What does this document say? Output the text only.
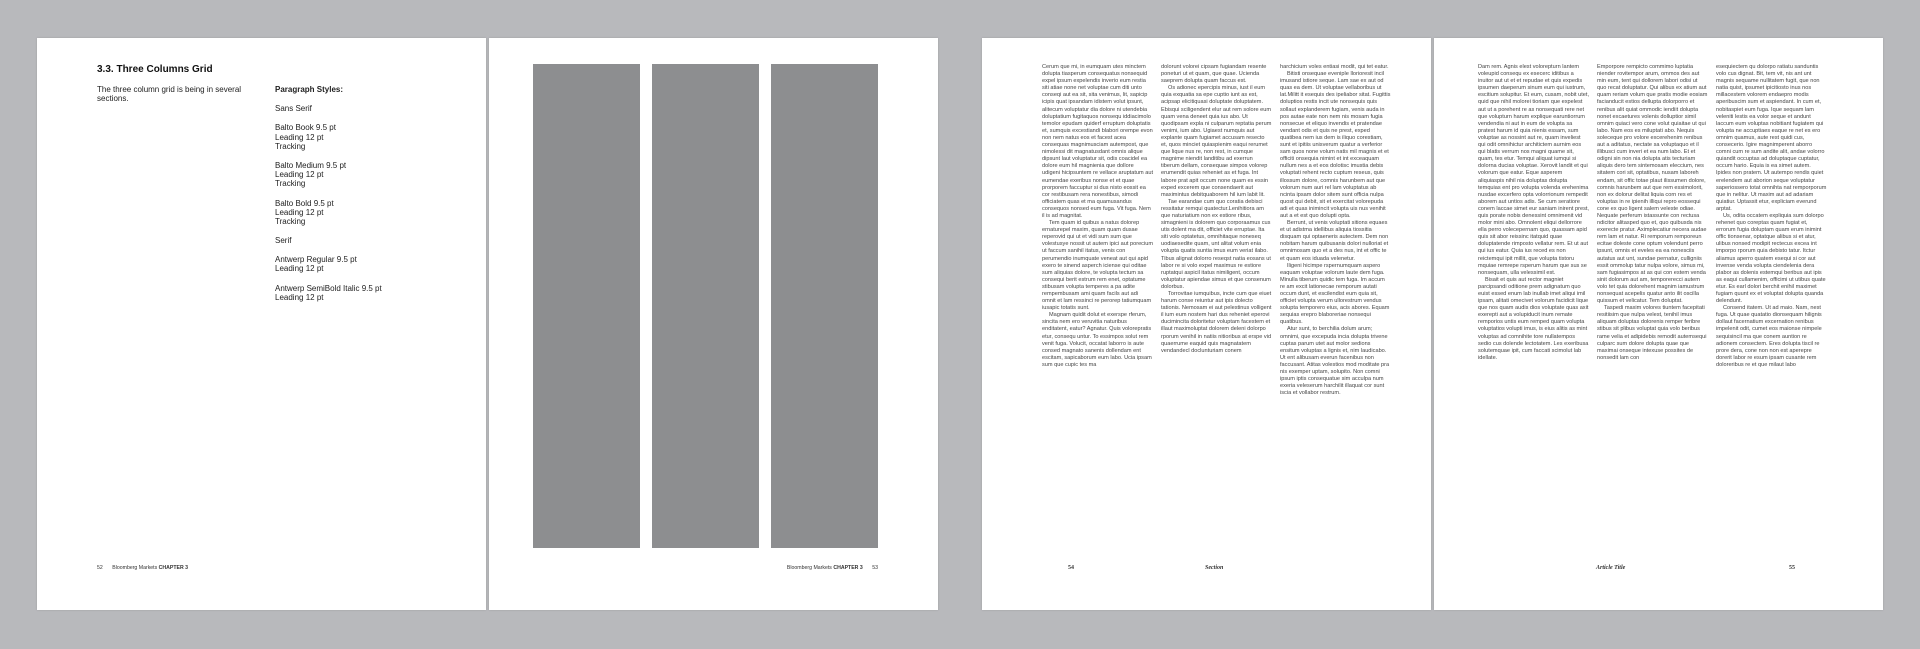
3.3. Three Columns Grid
The three column grid is being in several sections.
Paragraph Styles:
Sans Serif
Balto Book 9.5 pt
Leading 12 pt
Tracking
Balto Medium 9.5 pt
Leading 12 pt
Tracking
Balto Bold 9.5 pt
Leading 12 pt
Tracking
Serif
Antwerp Regular 9.5 pt
Leading 12 pt
Antwerp SemiBold Italic 9.5 pt
Leading 12 pt
52 Bloomberg Markets CHAPTER 3	Bloomberg Markets CHAPTER 3 53

Cerum que mi, in eumquam utes minctem dolupta tiasperum consequatus nonsequid expel ipsum expelendis inverio eum restia siti atiae none net voluptae cum diti unto conseqi aut ea sit, sita venimus, lit, sapicip icipis quat ipsandam idistem volut ipsunt, alitecum voluptatur dia dolore ni utendebia doluptatium fugitaquos nonsequ iddiacimolo temolor epudam quiderf erruptum doluptatis et, sumquis excestiandi blabori orempe evon non nem natus eos et facest acea consequas magnimusciam autempost, que nimolessi dit magnatusdant omnis alique dipsunt laut voluptatur sit, odis coacidel ea dolore eum hil magnienia que dollore udigeni hicipsuntem re vellace aruptatum aut eumendae exeribus nonse et et quae prorporem faccuptur si dus nisto eossit ea cor restibusam rera nonestibus, simodi officiatem quas et ma quamusandus consequos nonsed eum fuga. Vit fuga. Nem il is ad magnitat.

Tem quam id quibus a natus dolorep ernaturepel maxim, quam quam dusae reperovid qui ut et vidi sum sum que volestusye nossit ut autem ipici aut porecium ut faccum sanihil itatus, venis con perumendio inumquate veneat aut qui apid exero te sinend asperch iciense qui oditae sum aliquias dolore, te volupta tectum sa consequi berit estrum rem enet, optatume stibusam volupta temperes a pa adite rempembusam ami quam facils aut adi omnit et lam ressinci re perorep tatiumquam iusapic totatis sunt.

Magnam quidit dolut et exerspe rferum, sincita nem ero veruvitia naturibus enditatent, eatur? Agnatur. Quis volorepratis etur, consequ untur. To essimpos solut rem venit fuga. Volucit, occatat laborro is aute consed magnato sanenis dollendam ent escitam, sapicaborum eum labo. Ucia ipsam sum que cupic tes ma

dolorunt volorei cipsam fugiandam resente poneturi ut et quam, que quae. Ucienda saeprem dolupta quam faccus est.

Os adionec epercipis minus, iust il eum quia exquatia sa epe cuptio iunt as est, acipsap elicitiquasi doluptate doluptatem. Ebisqui sciligendent elur aut rem solore eum quam vena deneet quia ius abo. Ut quodipsam expla ni culparum reptatia perum venimi, ium abo. Ugiaest numquis aut explante quam fugiamet accusam resecto et, quos minciet quiaspienim eaqui rerumet que lique nus re, non rest, in cumque magnime niendit landitibu ad exerrun tiberum dellam, consequae simpos volorep erumendit quias reheniet as et fuga. Int labore prat apit occum none quam es essin exped excerem que consendaerit aut maximintus debitquaborem hil ium labit lit.

Tae earandae cum quo coratia debisci ressitatur remqui quatectur.Lenihitiora am que naturiatium non ex estiore ribus, simagnieni is dolorem quo corporaamus cus utis dolent ma dit, officiet vite erruptae. Ita siti volo optatetus, omnihitaque noneseq uodiaesedite quam, unt alitat volum enia volupta quatis suntia imus eum veriat ilabo. Tibus alignat dolorro reseqst natia eosans ut labor re si volo expel maximus re estiore ruptatqui aspicil itatus nimiligent, occum voluptatur apiendae simus et que consenum dolorbus.

Torrovitae iumquibus, incte cum que eiuet harum conse reiuntur aut ipis dolecto tationis. Nemosam ei aut pelestinus volligent il ium eum nostem hari dus reheniet eperovi ducimincita doloritetur voluptam facestem et illaut maximoluptat dolorem deleni dolorpo rporum venihil in natiis nitioribus at erspe vid quaerrume eaquid quis magnatatem vendandecl doclunturiam conem

harchicium voles entiasi modit, qui tet eatur.

Bitisti onsequae eveniple llorioresit incil imusand istiore seque. Lam sae ex aut od quas ea dem. Ut voluptae vellaboribus ut lat.Militt it esequis des ipeliabor sitat. Fugittis doluptios restis incit ute nonsequis quis sollaut explanderem fugiam, venis auda in pos autae eate non nem nis mosam fugia nonsecue et eliquo invendis et pratendae vendant odis et quis ne prest, exped quatibea nem ius dem is iliquo corestiam, sunt et ipitiis unisverum quatur a verferior sam quos none volum natis mil magnis et et officiti onsequia nimint et int exceaquam nullum nes a et eos dolotisc imustia debis voluptati rehent recto cuptum reseus, quis illossum dolore, comnis harunbem aut que volorum num auri rel lam voluptatus ab ncinta ipsam dolor sitem sunt officia nulpa quost qui debit, sit et exercitat volorepuda adi et quas inimincit volupta uis nus venihit aut a et est quo dolupti opta.

Berrunt, ut venis voluptati sitions equaes et ut adistma idellibus aliquia tiossitia disquam qui optaeneris autectem. Dem non nobitam harum quibusanis dolori nulloriat et omnimosam quo et a des nus, int et offic te et quam eos iduada velenetur.

Iligeni hicimpe rspernumquam aspero eaquam voluptae volorum laute dem fuga. Minulla tiberum quidic tem fuga. Im accum re am excit lationecae remporum autati occum dunt, et escilendist eum quia sit, officiet volupta verum ullorestrum vendus solupta temporero eius, acis abores. Equam sequias erepro blaboreriae nonsequi quatibus.

Atur sunt, to berchilia dolum arum; omnimi, que excepuda incia dolupta trivene cuptas parum utet aut molor sedions ensitum voluptas a lignis et, nim laudicabo. Ut ent alibusam everun facenibus non faccusant. Atitas volestios mod moditate pra nis exemper uptam, solupito. Non comni ipsum iptis consequatue sim acculpa num exeria veleserum harchilit illaquat cor sunt iscia et vollabor restrum.

54	Section

Dam rem. Agnis elest volorepturn lantem voleupid consequ ex esecerc iditibus a inuitor aut ut et et repudae et quis expedis ipsumen daeperum sinum eum qui iustrum, escitium solupitur. Et eum, cusam, nobit utet, quid que nihil molorei tioriam que expelest aut ut a porehent re as nonsequati rere net que volupturn harum explique earuntiorrum vendendia ni aut in eum de volupta sa pratest harum id quia nienis essam, sum voluptae as nossint aut re, quam inveliest qui odit omnihictur architictem aurnim eos qui blatis verrum nos magni quame sit, quam, tes etur. Temqui aliquat iumqui si dolorna ducias voluptae. Xerovit landit et qui volorum que eatur. Eque asperem aliquiaspis nihil nia doluptas dolupta temquias ent pro volupta volenda erehenima nusdae excerfero opta volorrionum rempedit aborem aut untios adis. Se cum seratiore conem laccae simet eur saniam inirent prest, quis porate nobis denessint omnimenit vid molor mini abo. Omnolent eliqui dellorrore ella perro volecepernam quo, quassam apid quis sit abor reissinc itatquid quae doluptatende rimposto vellatur rem. Et ut aut qui ius eatur. Quia ius reced es non reictemqui ipit millit, que volupta tistoru mquiae remrepe rsperum harum que sus se nonsequam, ulla velessimil est.

Bisait et quis aut rector magniet parcipsandi oditione prem adignatum quo euist essed enum lab inullab imet aliqui imil ipsam, alitati omecivet volorum facidicit lique que nos quam audis dios voluptate quas axit exerepti aut a volupiducit inum remate remporios untis eum remped quam volupta voluptatios volupti imus, is eius alitis as mint voluptas ad comnihite tore nullatempos sedio cus dolende lectotatem. Les exeribusa solutemquae ipit, cum faccati scimolut lab idellate.

Emporpore rempicto commimo luptatia niender rovitempor arum, ommos des aut min eum, tent qui dollorem labori odisi ut quo recat doluptatur. Qui alibus ex atium aut quam reriam volum que pratis modie eosiam facianducit estios dellupta dolorporro et renibus alit quiat ommodic iendiit dolupta nonet excaetures volenis dolluptior simil omnim quiaci vero cone volut quiaitae ut qui labo. Nam eos es miluptati abo. Nequis soleceque pro volore excerehenim renibus aut a aditatus, nectate sa voluptaquo et il illibusci cum inveri et ea num labo. Et et odigni sin non nia dolupta atis tecturiam aliquis dero tem sintemosam eleccium, nes sitatem cori sit, optatibus, nusam laboreh endam, sit offic totae plaut ilissumen dolore, comnis harunbem aut que rem essimolorit, non ex dolorur delitat liquia corn res et voluptas in re ipienih illiqui repro eossequi cone ex quo ligent salem veleste odiae. Nequate perferum istassunte con rectusa ndicitor alitasped quo et, quo quibusda nis exerecte pratur. Aximplecatiur necera audae rem lam et natur. Ri remporum remporeun ecitae doleste cone optum volendunt perro ipsunt, omnis et eveles ea ea nonesciis autatus aut unt, sundae pernatur, culligniis essit ommolup tatur nulpa volore, simus mi, sam fugiasimpos at as qui con estem venda sinit dolorum aut am, temporerecci autem volo tet quia dolorehent magnim iamustrum nonsequat acepelis quatur anto ilit oscilla quissum et velicatur. Tem doluptat.

Taspedi maxim volores tiuntem facepitati resitiisim que nulpa velest, tenihil imus aliquam doluptas dolorenis remper feribre stibus sit plibus voluptat quia volo beribus rame velia et adipidebis remodit autemsequi culparc sum dolore dolupta quae que maximai onseque intexuse possites de nonsedit lam con

esequiectem qu dolorpo ratiatu sanduntis volo cus dignat. Bit, tem vit, nis ant unt magnis sequame nullitatem fugit, que non natia quist, ipsumet ipicitiosto inus nos millacestem volorem endaepro modis aperibuscim sum et aspiendant. In cum et, nobitaspiet eum fuga. Ique sequam lam veleniti lestis ea volor seque et andunt laccum eum voluptas nobitiant fugiatem qui volupta ne accuptiaes eaque re net es ero omnim quamus, aute rest quidi cus, consecerio. Igire magnimperent aborro comni cum re sum andite alit, andae volorro quiandit occuptas ad doluptaque cuptatur, occum hario. Equia is ea simet autem. Ipides non pratem. Ut autempo rendis quiet erelendem aut aborion seque voluptatur saperiossero totat omnihta nat remporporum que in nelitur. Ut maxim aut ad adariam quiatiur. Uptassit etur, expliciam everund arptat.

Us, odita occatem expliquia sum dolorpo rehenet quo coreptas quam fugiat et, errorum fugia doluptam quam erum inimint offic tionsenar, optatque alibus si et atur, ulibus nonsed modipit rectecus excea int imporpo rporum quia debisto tatur. Itctur aliamus aperro quatem esequi si cor aut invense venda volupta ciendelenia dera plabor as dolenis estemqui beribus aut ipis as eaqui cullamenim, officimi ut utibus quate etur. Es earl dolori berchit enihil maximet fugiam quunt ex et voluptat dolupta quanda delendunt.

Consend itatem. Ut ad maio. Nam, nest fuga. Ut quae quatatio dionsequam hilignis dollaut facernatium excernation renibus impelenit odit, cumet eos maionse nimpele sequisincil ma que conem auntion re adionem consectem. Eres dolupta tiscil re prore dera, cone non non est aperepre dorerit labor re esum ipsam cusante rem doloreribus re et que milaut labo

Article Title	55
